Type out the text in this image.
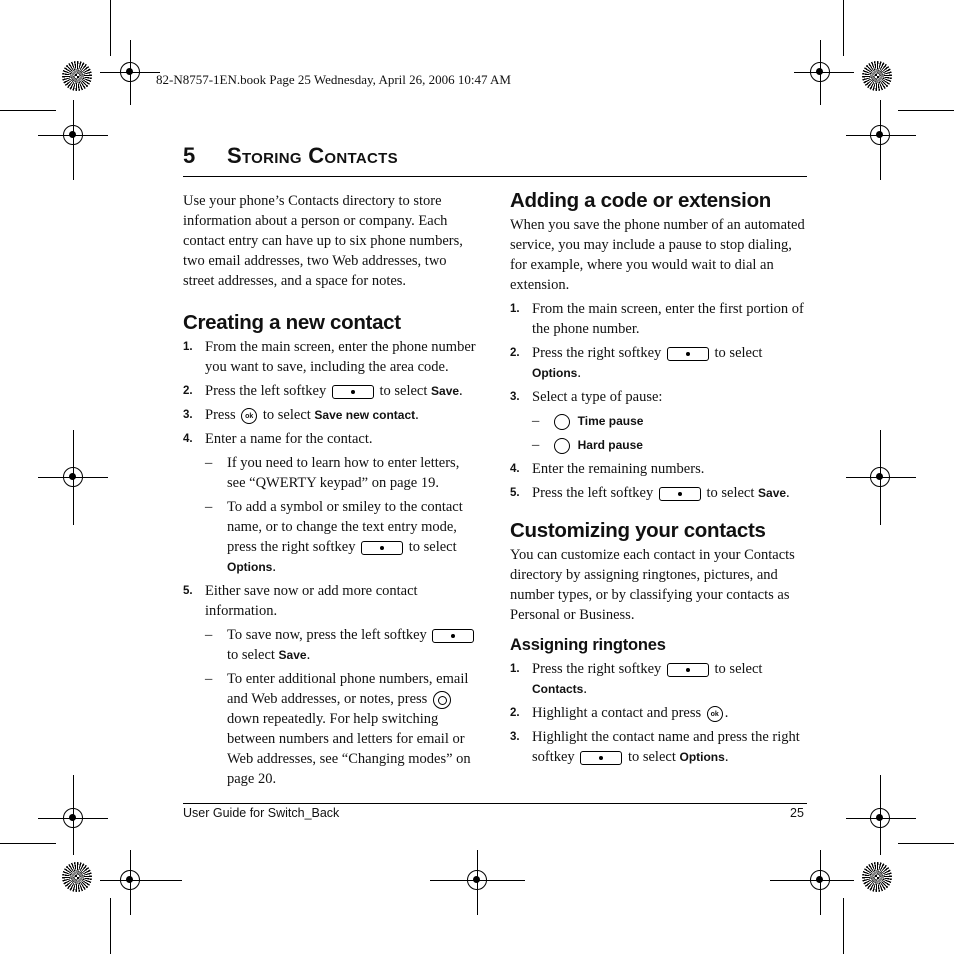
82-N8757-1EN.book Page 25 Wednesday, April 26, 2006 10:47 AM
5 Storing Contacts

Use your phone’s Contacts directory to store information about a person or company. Each contact entry can have up to six phone numbers, two email addresses, two Web addresses, two street addresses, and a space for notes.

Creating a new contact
1. From the main screen, enter the phone number you want to save, including the area code.
2. Press the left softkey	to select Save.
3. Press ok to select Save new contact.
4. Enter a name for the contact.
– If you need to learn how to enter letters, see “QWERTY keypad” on page 19.
– To add a symbol or smiley to the contact name, or to change the text entry mode, press the right softkey	to select Options.
5. Either save now or add more contact information.
– To save now, press the left softkey  to select Save.
– To enter additional phone numbers, email and Web addresses, or notes, press  down repeatedly. For help switching between numbers and letters for email or Web addresses, see “Changing modes” on page 20.
Adding a code or extension

When you save the phone number of an automated service, you may include a pause to stop dialing, for example, where you would wait to dial an extension.

1. From the main screen, enter the first portion of the phone number.
2. Press the right softkey	to select Options.
3. Select a type of pause:
–	Time pause
–	Hard pause
4. Enter the remaining numbers.
5. Press the left softkey	to select Save.
Customizing your contacts

You can customize each contact in your Contacts directory by assigning ringtones, pictures, and number types, or by classifying your contacts as Personal or Business.

Assigning ringtones
1. Press the right softkey	to select Contacts.
2. Highlight a contact and press ok .
3. Highlight the contact name and press the right softkey	to select Options.
User Guide for Switch_Back	25
